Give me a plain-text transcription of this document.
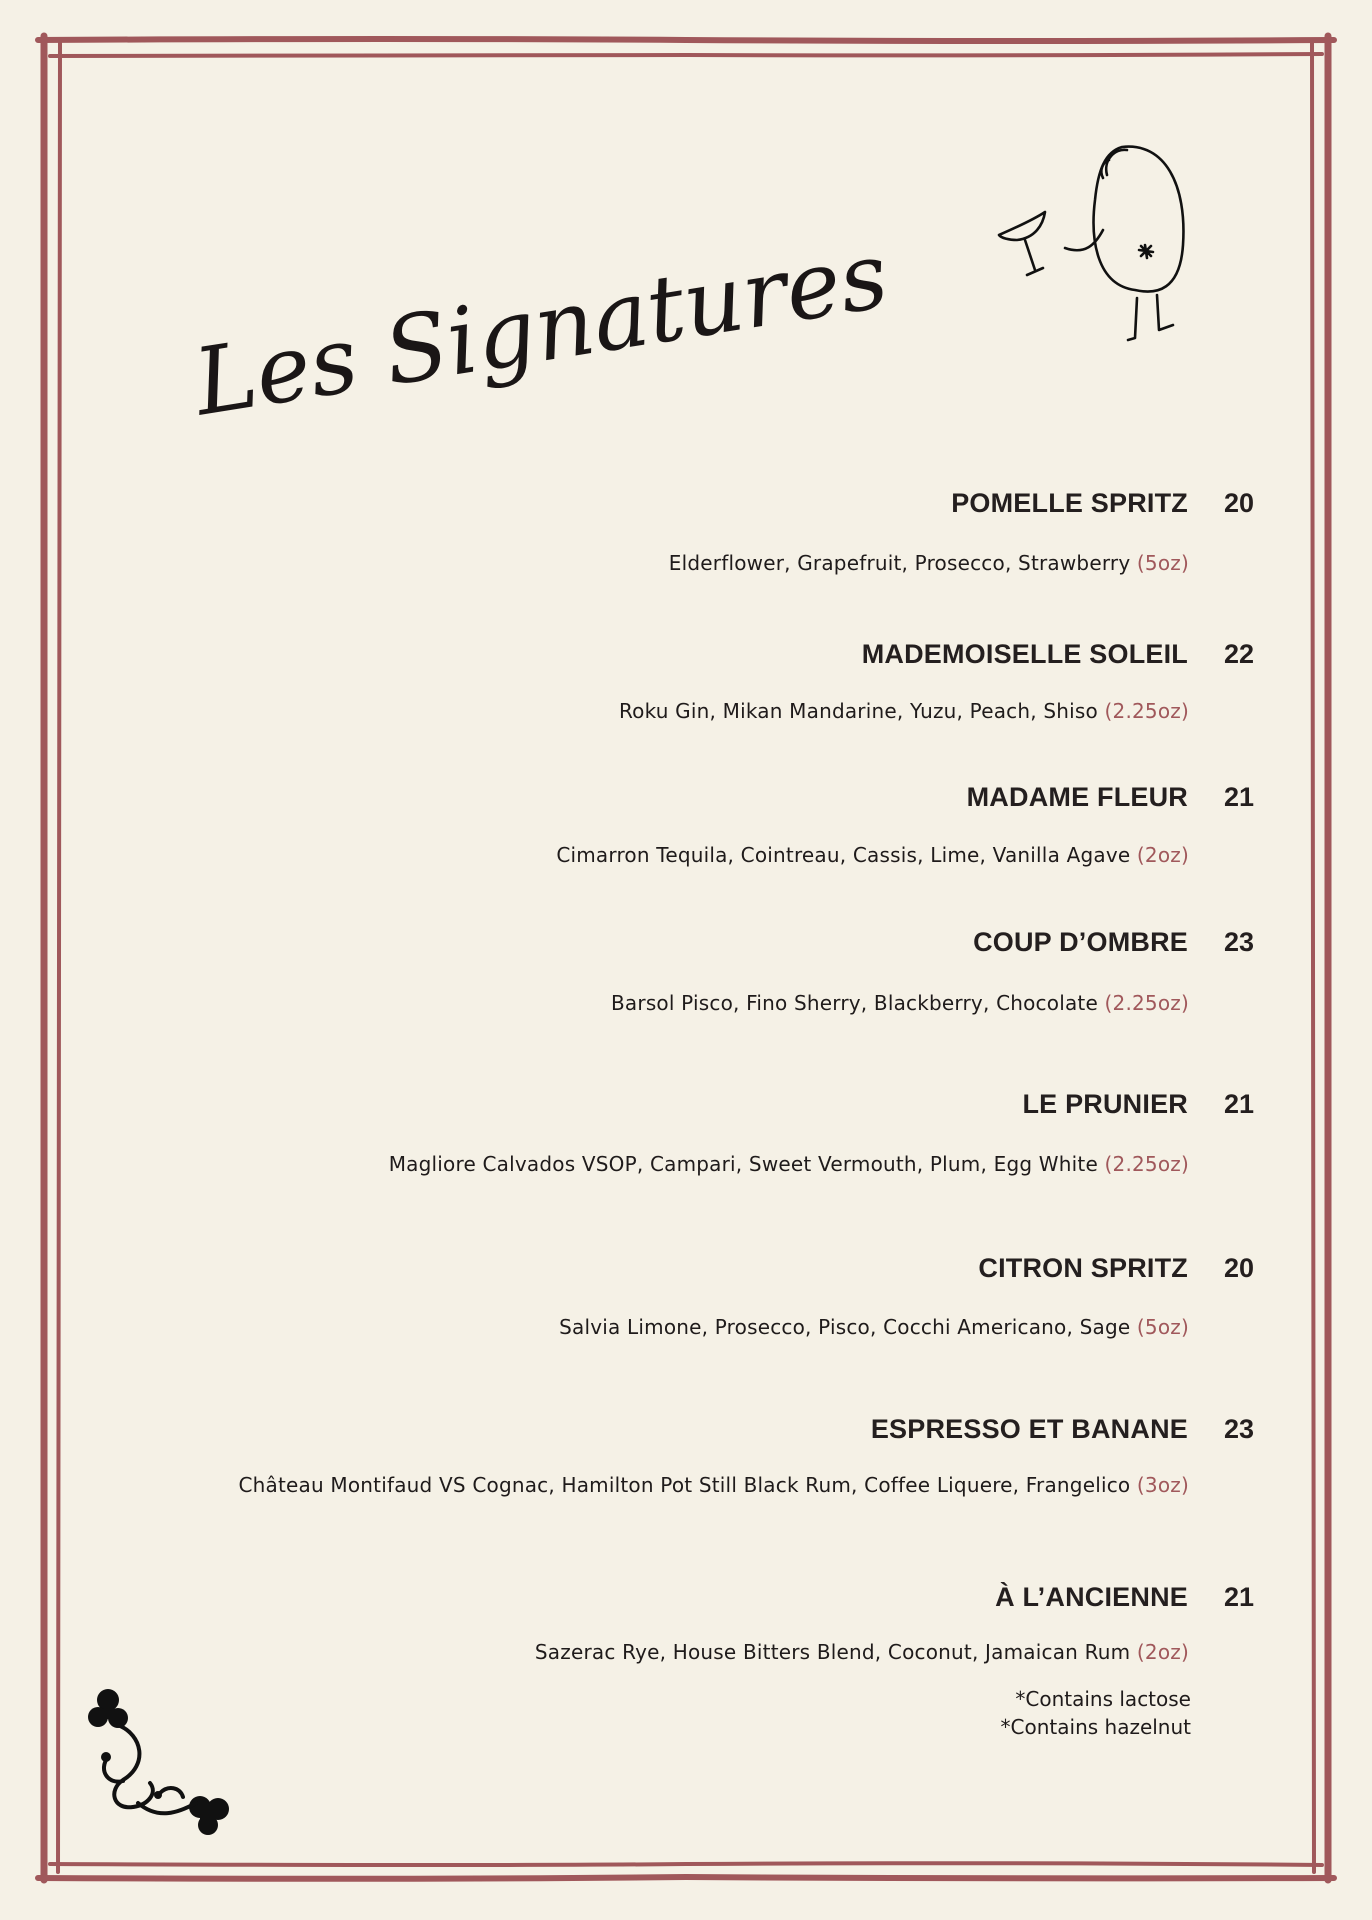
Les Signatures
POMELLE SPRITZ 20
Elderflower, Grapefruit, Prosecco, Strawberry (5oz)
MADEMOISELLE SOLEIL 22
Roku Gin, Mikan Mandarine, Yuzu, Peach, Shiso (2.25oz)
MADAME FLEUR 21
Cimarron Tequila, Cointreau, Cassis, Lime, Vanilla Agave (2oz)
COUP D’OMBRE 23
Barsol Pisco, Fino Sherry, Blackberry, Chocolate (2.25oz)
LE PRUNIER 21
Magliore Calvados VSOP, Campari, Sweet Vermouth, Plum, Egg White (2.25oz)
CITRON SPRITZ 20
Salvia Limone, Prosecco, Pisco, Cocchi Americano, Sage (5oz)
ESPRESSO ET BANANE 23
Château Montifaud VS Cognac, Hamilton Pot Still Black Rum, Coffee Liquere, Frangelico (3oz)
À L’ANCIENNE 21
Sazerac Rye, House Bitters Blend, Coconut, Jamaican Rum (2oz)
*Contains lactose
*Contains hazelnut
